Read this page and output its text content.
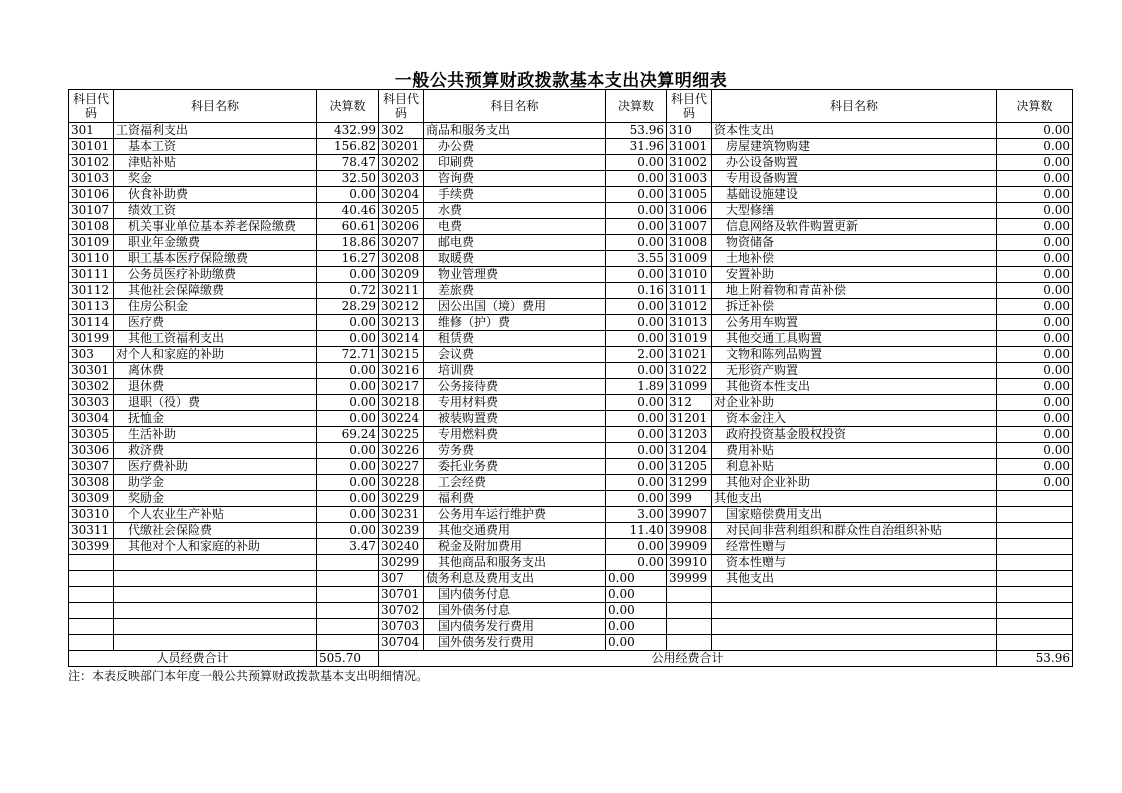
一般公共预算财政拨款基本支出决算明细表
科目代码	科目名称	决算数	科目代码	科目名称	决算数	科目代码	科目名称	决算数
301	工资福利支出	432.99	302	商品和服务支出	53.96	310	资本性支出	0.00
30101	基本工资	156.82	30201	办公费	31.96	31001	房屋建筑物购建	0.00
30102	津贴补贴	78.47	30202	印刷费	0.00	31002	办公设备购置	0.00
30103	奖金	32.50	30203	咨询费	0.00	31003	专用设备购置	0.00
30106	伙食补助费	0.00	30204	手续费	0.00	31005	基础设施建设	0.00
30107	绩效工资	40.46	30205	水费	0.00	31006	大型修缮	0.00
30108	机关事业单位基本养老保险缴费	60.61	30206	电费	0.00	31007	信息网络及软件购置更新	0.00
30109	职业年金缴费	18.86	30207	邮电费	0.00	31008	物资储备	0.00
30110	职工基本医疗保险缴费	16.27	30208	取暖费	3.55	31009	土地补偿	0.00
30111	公务员医疗补助缴费	0.00	30209	物业管理费	0.00	31010	安置补助	0.00
30112	其他社会保障缴费	0.72	30211	差旅费	0.16	31011	地上附着物和青苗补偿	0.00
30113	住房公积金	28.29	30212	因公出国（境）费用	0.00	31012	拆迁补偿	0.00
30114	医疗费	0.00	30213	维修（护）费	0.00	31013	公务用车购置	0.00
30199	其他工资福利支出	0.00	30214	租赁费	0.00	31019	其他交通工具购置	0.00
303	对个人和家庭的补助	72.71	30215	会议费	2.00	31021	文物和陈列品购置	0.00
30301	离休费	0.00	30216	培训费	0.00	31022	无形资产购置	0.00
30302	退休费	0.00	30217	公务接待费	1.89	31099	其他资本性支出	0.00
30303	退职（役）费	0.00	30218	专用材料费	0.00	312	对企业补助	0.00
30304	抚恤金	0.00	30224	被装购置费	0.00	31201	资本金注入	0.00
30305	生活补助	69.24	30225	专用燃料费	0.00	31203	政府投资基金股权投资	0.00
30306	救济费	0.00	30226	劳务费	0.00	31204	费用补贴	0.00
30307	医疗费补助	0.00	30227	委托业务费	0.00	31205	利息补贴	0.00
30308	助学金	0.00	30228	工会经费	0.00	31299	其他对企业补助	0.00
30309	奖励金	0.00	30229	福利费	0.00	399	其他支出	
30310	个人农业生产补贴	0.00	30231	公务用车运行维护费	3.00	39907	国家赔偿费用支出	
30311	代缴社会保险费	0.00	30239	其他交通费用	11.40	39908	对民间非营利组织和群众性自治组织补贴	
30399	其他对个人和家庭的补助	3.47	30240	税金及附加费用	0.00	39909	经常性赠与	
			30299	其他商品和服务支出	0.00	39910	资本性赠与	
			307	债务利息及费用支出	0.00	39999	其他支出	
			30701	国内债务付息	0.00			
			30702	国外债务付息	0.00			
			30703	国内债务发行费用	0.00			
			30704	国外债务发行费用	0.00			
人员经费合计		505.70	公用经费合计					53.96
注：本表反映部门本年度一般公共预算财政拨款基本支出明细情况。
